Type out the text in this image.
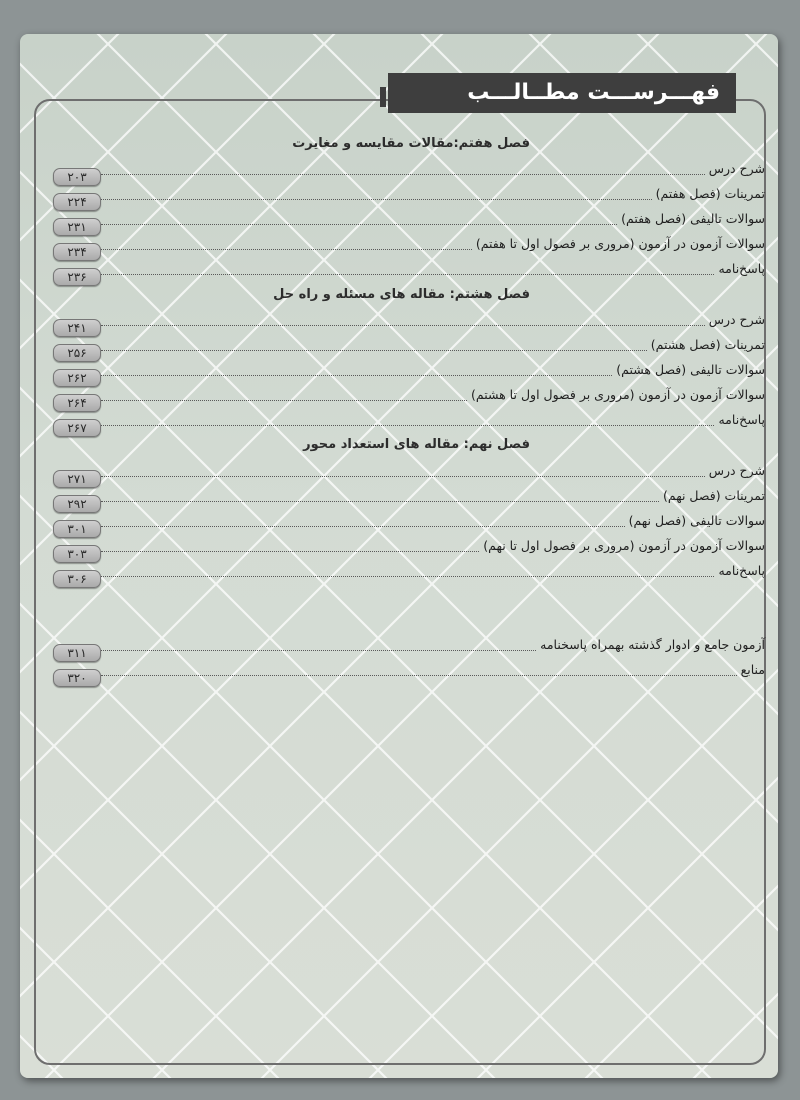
فهـــرســـت مطــالـــب
فصل هفتم:مقالات مقايسه و مغايرت
شرح درس
۲۰۳
تمرينات (فصل هفتم)
۲۲۴
سوالات تاليفی (فصل هفتم)
۲۳۱
سوالات آزمون در آزمون (مروری بر فصول اول تا هفتم)
۲۳۴
پاسخ‌نامه
۲۳۶
فصل هشتم: مقاله های مسئله و راه حل
شرح درس
۲۴۱
تمرينات (فصل هشتم)
۲۵۶
سوالات تاليفی (فصل هشتم)
۲۶۲
سوالات آزمون در آزمون (مروری بر فصول اول تا هشتم)
۲۶۴
پاسخ‌نامه
۲۶۷
فصل نهم: مقاله های استعداد محور
شرح درس
۲۷۱
تمرينات (فصل نهم)
۲۹۲
سوالات تاليفی (فصل نهم)
۳۰۱
سوالات آزمون در آزمون (مروری بر فصول اول تا نهم)
۳۰۳
پاسخ‌نامه
۳۰۶
آزمون جامع و ادوار گذشته بهمراه پاسخنامه
۳۱۱
منابع
۳۲۰
